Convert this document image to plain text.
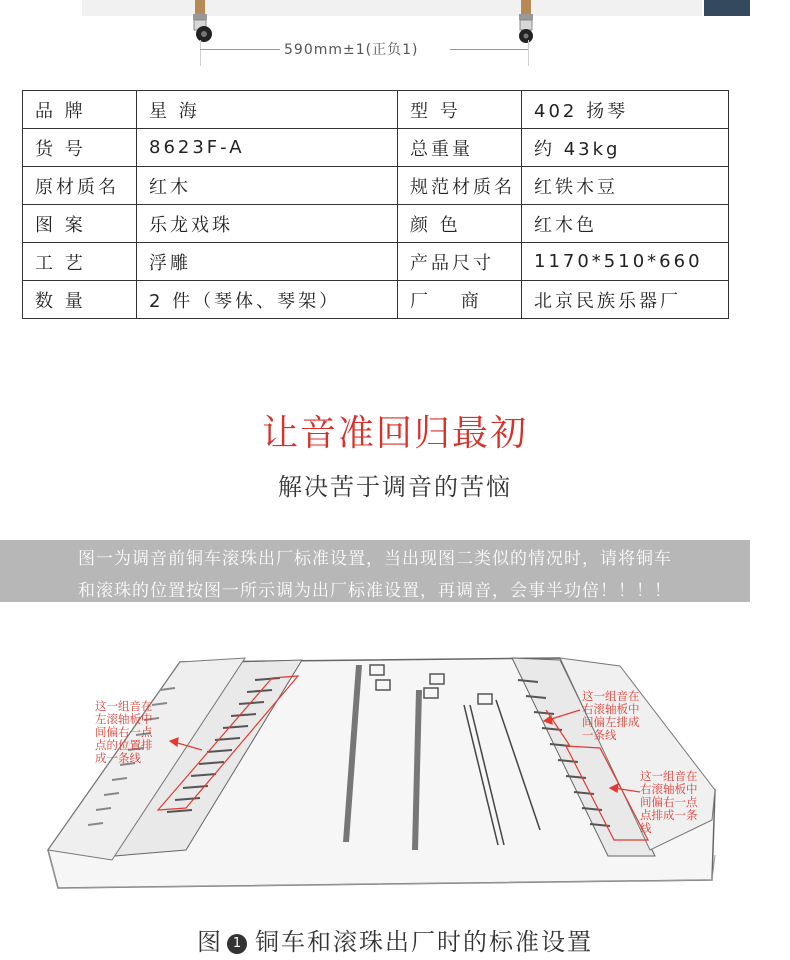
590mm±1(正负1)
品 牌	星 海	型 号	402 扬琴
货 号	8623F-A	总重量	约 43kg
原材质名	红木	规范材质名	红铁木豆
图 案	乐龙戏珠	颜 色	红木色
工 艺	浮雕	产品尺寸	1170*510*660
数 量	2 件（琴体、琴架）	厂　 商	北京民族乐器厂
让音准回归最初
解决苦于调音的苦恼

图一为调音前铜车滚珠出厂标准设置，当出现图二类似的情况时，请将铜车

和滚珠的位置按图一所示调为出厂标准设置，再调音，会事半功倍！！！！

这一组音在
左滚轴板中
间偏右一点
点的位置排
成一条线
这一组音在
右滚轴板中
间偏左排成
一条线
这一组音在
右滚轴板中
间偏右一点
点排成一条
线
图 1 铜车和滚珠出厂时的标准设置
